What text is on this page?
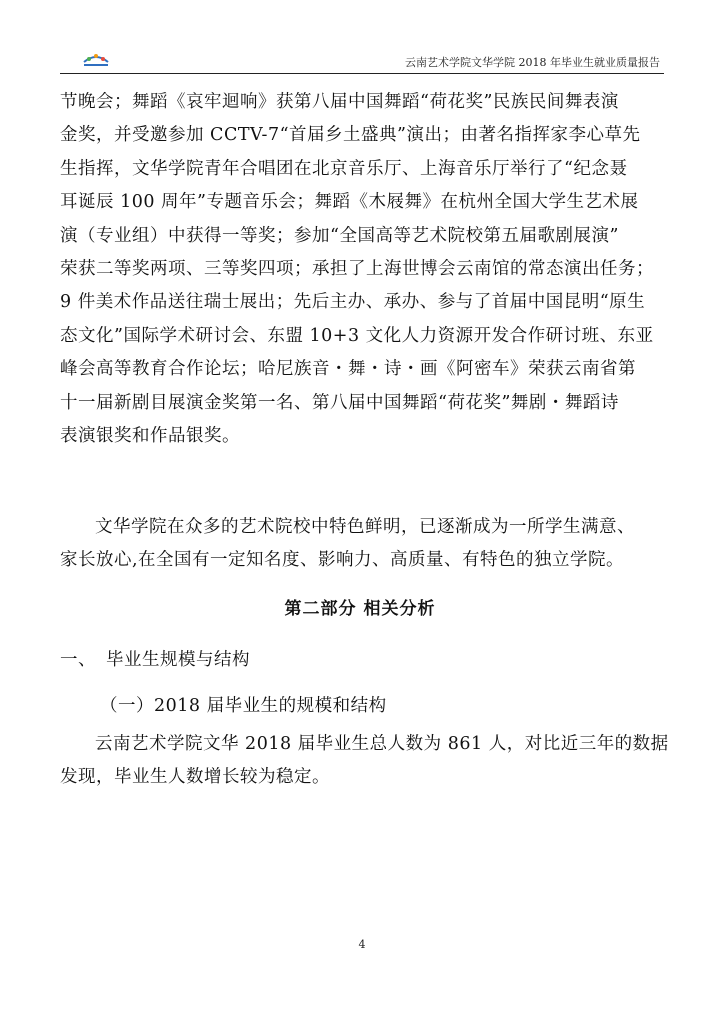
云南艺术学院文华学院 2018 年毕业生就业质量报告
节晚会；舞蹈《哀牢迴响》获第八届中国舞蹈“荷花奖”民族民间舞表演
金奖，并受邀参加 CCTV-7“首届乡土盛典”演出；由著名指挥家李心草先
生指挥，文华学院青年合唱团在北京音乐厅、上海音乐厅举行了“纪念聂
耳诞辰 100 周年”专题音乐会；舞蹈《木屐舞》在杭州全国大学生艺术展
演（专业组）中获得一等奖；参加“全国高等艺术院校第五届歌剧展演”
荣获二等奖两项、三等奖四项；承担了上海世博会云南馆的常态演出任务；
9 件美术作品送往瑞士展出；先后主办、承办、参与了首届中国昆明“原生
态文化”国际学术研讨会、东盟 10+3 文化人力资源开发合作研讨班、东亚
峰会高等教育合作论坛；哈尼族音・舞・诗・画《阿密车》荣获云南省第
十一届新剧目展演金奖第一名、第八届中国舞蹈“荷花奖”舞剧・舞蹈诗
表演银奖和作品银奖。
文华学院在众多的艺术院校中特色鲜明，已逐渐成为一所学生满意、
家长放心,在全国有一定知名度、影响力、高质量、有特色的独立学院。
第二部分 相关分析
一、 毕业生规模与结构
（一）2018 届毕业生的规模和结构
云南艺术学院文华 2018 届毕业生总人数为 861 人，对比近三年的数据
发现，毕业生人数增长较为稳定。
4
